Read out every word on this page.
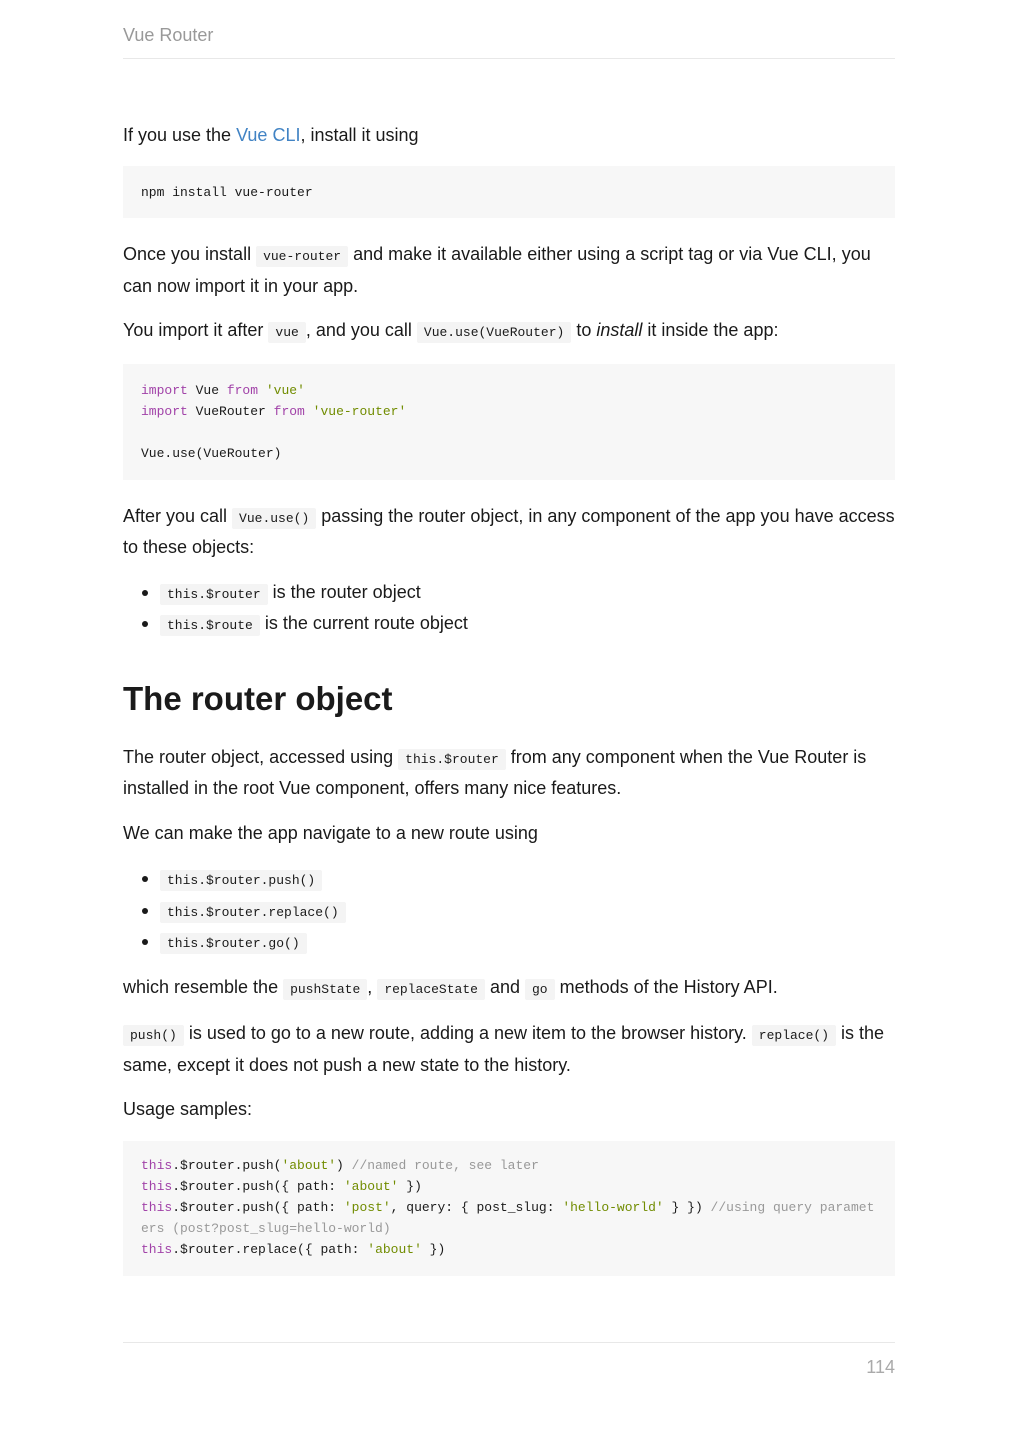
Vue Router

If you use the Vue CLI, install it using

npm install vue-router

Once you install vue-router and make it available either using a script tag or via Vue CLI, you can now import it in your app.

You import it after vue , and you call Vue.use(VueRouter) to install it inside the app:

import Vue from 'vue'
import VueRouter from 'vue-router'

Vue.use(VueRouter)

After you call Vue.use() passing the router object, in any component of the app you have access to these objects:

this.$router is the router object
this.$route is the current route object
The router object

The router object, accessed using this.$router from any component when the Vue Router is installed in the root Vue component, offers many nice features.

We can make the app navigate to a new route using

this.$router.push()
this.$router.replace()
this.$router.go()

which resemble the pushState , replaceState and go methods of the History API.

push() is used to go to a new route, adding a new item to the browser history. replace() is the same, except it does not push a new state to the history.

Usage samples:

this.$router.push('about') //named route, see later
this.$router.push({ path: 'about' })
this.$router.push({ path: 'post', query: { post_slug: 'hello-world' } }) //using query parameters (post?post_slug=hello-world)
this.$router.replace({ path: 'about' })
114
